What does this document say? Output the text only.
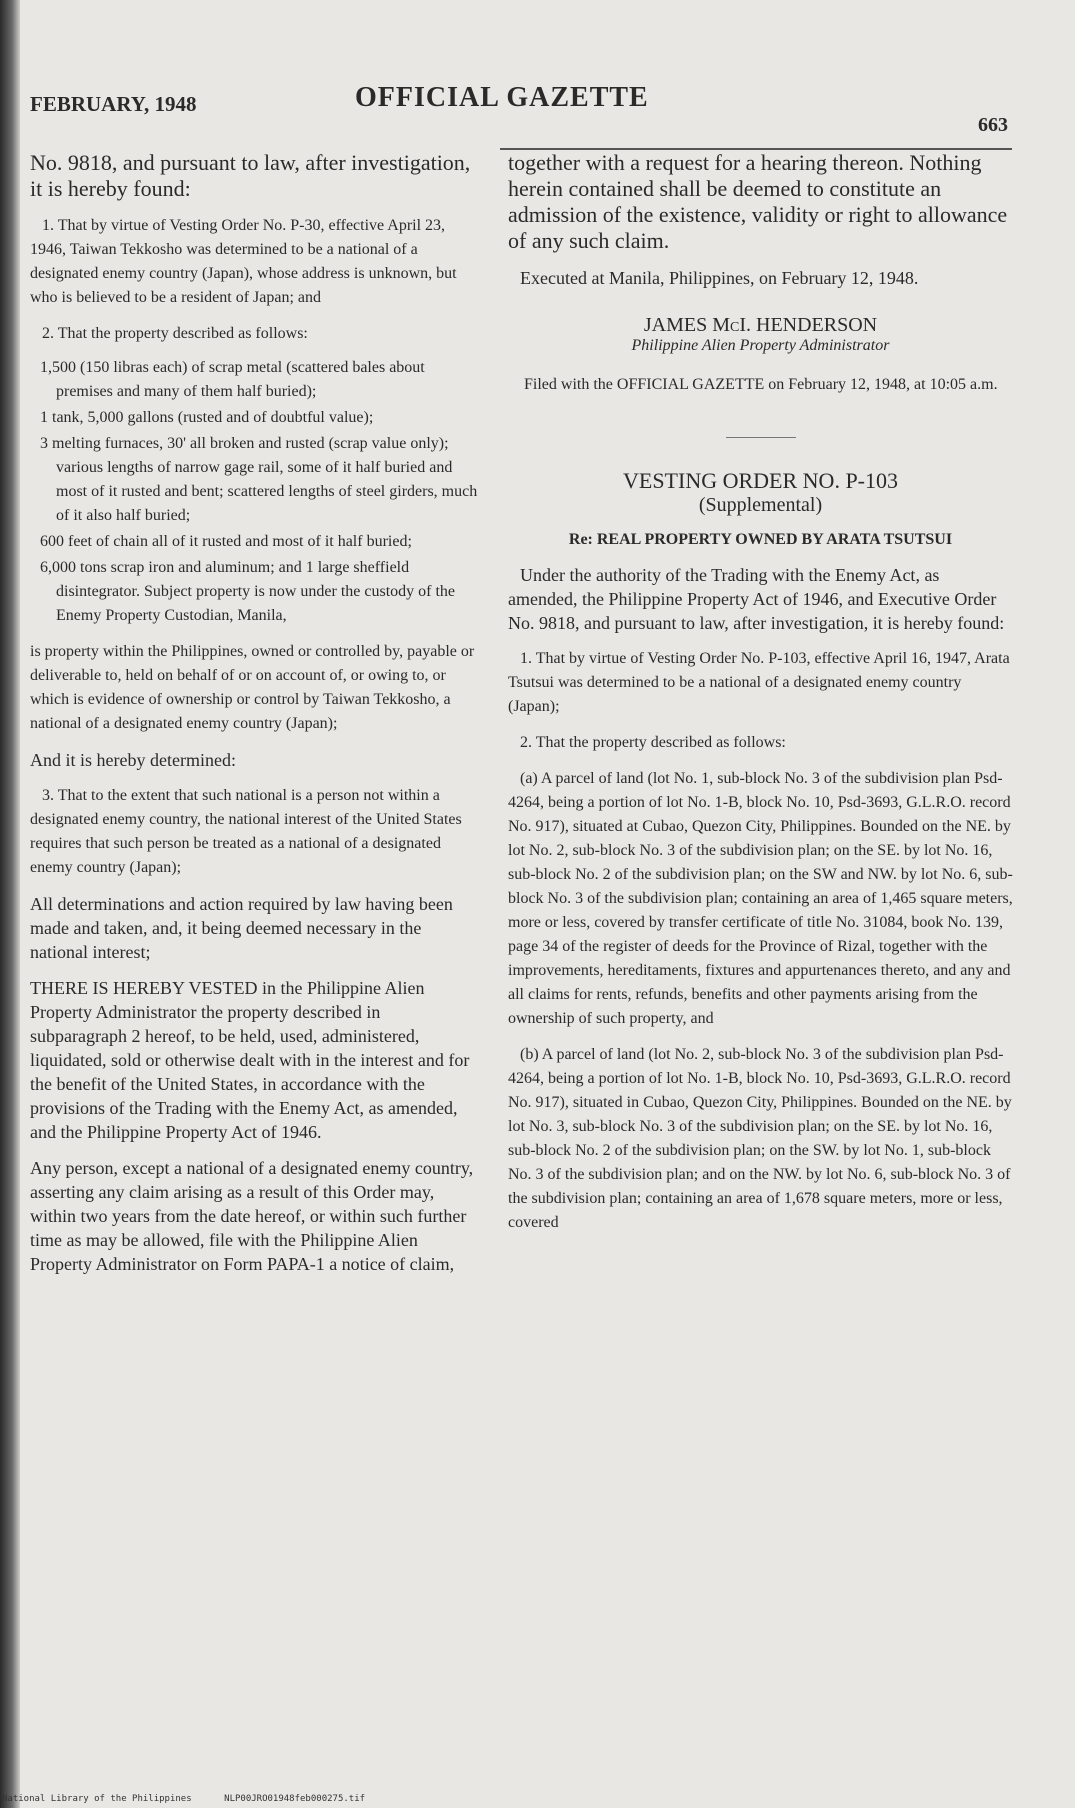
FEBRUARY, 1948	OFFICIAL GAZETTE
663

No. 9818, and pursuant to law, after investigation, it is hereby found:

1. That by virtue of Vesting Order No. P-30, effective April 23, 1946, Taiwan Tekkosho was determined to be a national of a designated enemy country (Japan), whose address is unknown, but who is believed to be a resident of Japan; and

2. That the property described as follows:

1,500 (150 libras each) of scrap metal (scattered bales about premises and many of them half buried);

1 tank, 5,000 gallons (rusted and of doubtful value);

3 melting furnaces, 30' all broken and rusted (scrap value only); various lengths of narrow gage rail, some of it half buried and most of it rusted and bent; scattered lengths of steel girders, much of it also half buried;

600 feet of chain all of it rusted and most of it half buried;

6,000 tons scrap iron and aluminum; and 1 large sheffield disintegrator. Subject property is now under the custody of the Enemy Property Custodian, Manila,

is property within the Philippines, owned or controlled by, payable or deliverable to, held on behalf of or on account of, or owing to, or which is evidence of ownership or control by Taiwan Tekkosho, a national of a designated enemy country (Japan);

And it is hereby determined:

3. That to the extent that such national is a person not within a designated enemy country, the national interest of the United States requires that such person be treated as a national of a designated enemy country (Japan);

All determinations and action required by law having been made and taken, and, it being deemed necessary in the national interest;

THERE IS HEREBY VESTED in the Philippine Alien Property Administrator the property described in subparagraph 2 hereof, to be held, used, administered, liquidated, sold or otherwise dealt with in the interest and for the benefit of the United States, in accordance with the provisions of the Trading with the Enemy Act, as amended, and the Philippine Property Act of 1946.

Any person, except a national of a designated enemy country, asserting any claim arising as a result of this Order may, within two years from the date hereof, or within such further time as may be allowed, file with the Philippine Alien Property Administrator on Form PAPA-1 a notice of claim,

together with a request for a hearing thereon. Nothing herein contained shall be deemed to constitute an admission of the existence, validity or right to allowance of any such claim.

Executed at Manila, Philippines, on February 12, 1948.

JAMES McI. HENDERSON

Philippine Alien Property Administrator

Filed with the OFFICIAL GAZETTE on February 12, 1948, at 10:05 a.m.

VESTING ORDER NO. P-103

(Supplemental)

Re: REAL PROPERTY OWNED BY ARATA TSUTSUI

Under the authority of the Trading with the Enemy Act, as amended, the Philippine Property Act of 1946, and Executive Order No. 9818, and pursuant to law, after investigation, it is hereby found:

1. That by virtue of Vesting Order No. P-103, effective April 16, 1947, Arata Tsutsui was determined to be a national of a designated enemy country (Japan);

2. That the property described as follows:

(a) A parcel of land (lot No. 1, sub-block No. 3 of the subdivision plan Psd-4264, being a portion of lot No. 1-B, block No. 10, Psd-3693, G.L.R.O. record No. 917), situated at Cubao, Quezon City, Philippines. Bounded on the NE. by lot No. 2, sub-block No. 3 of the subdivision plan; on the SE. by lot No. 16, sub-block No. 2 of the subdivision plan; on the SW and NW. by lot No. 6, sub-block No. 3 of the subdivision plan; containing an area of 1,465 square meters, more or less, covered by transfer certificate of title No. 31084, book No. 139, page 34 of the register of deeds for the Province of Rizal, together with the improvements, hereditaments, fixtures and appurtenances thereto, and any and all claims for rents, refunds, benefits and other payments arising from the ownership of such property, and

(b) A parcel of land (lot No. 2, sub-block No. 3 of the subdivision plan Psd-4264, being a portion of lot No. 1-B, block No. 10, Psd-3693, G.L.R.O. record No. 917), situated in Cubao, Quezon City, Philippines. Bounded on the NE. by lot No. 3, sub-block No. 3 of the subdivision plan; on the SE. by lot No. 16, sub-block No. 2 of the subdivision plan; on the SW. by lot No. 1, sub-block No. 3 of the subdivision plan; and on the NW. by lot No. 6, sub-block No. 3 of the subdivision plan; containing an area of 1,678 square meters, more or less, covered

National Library of the Philippines      NLP00JRO01948feb000275.tif
